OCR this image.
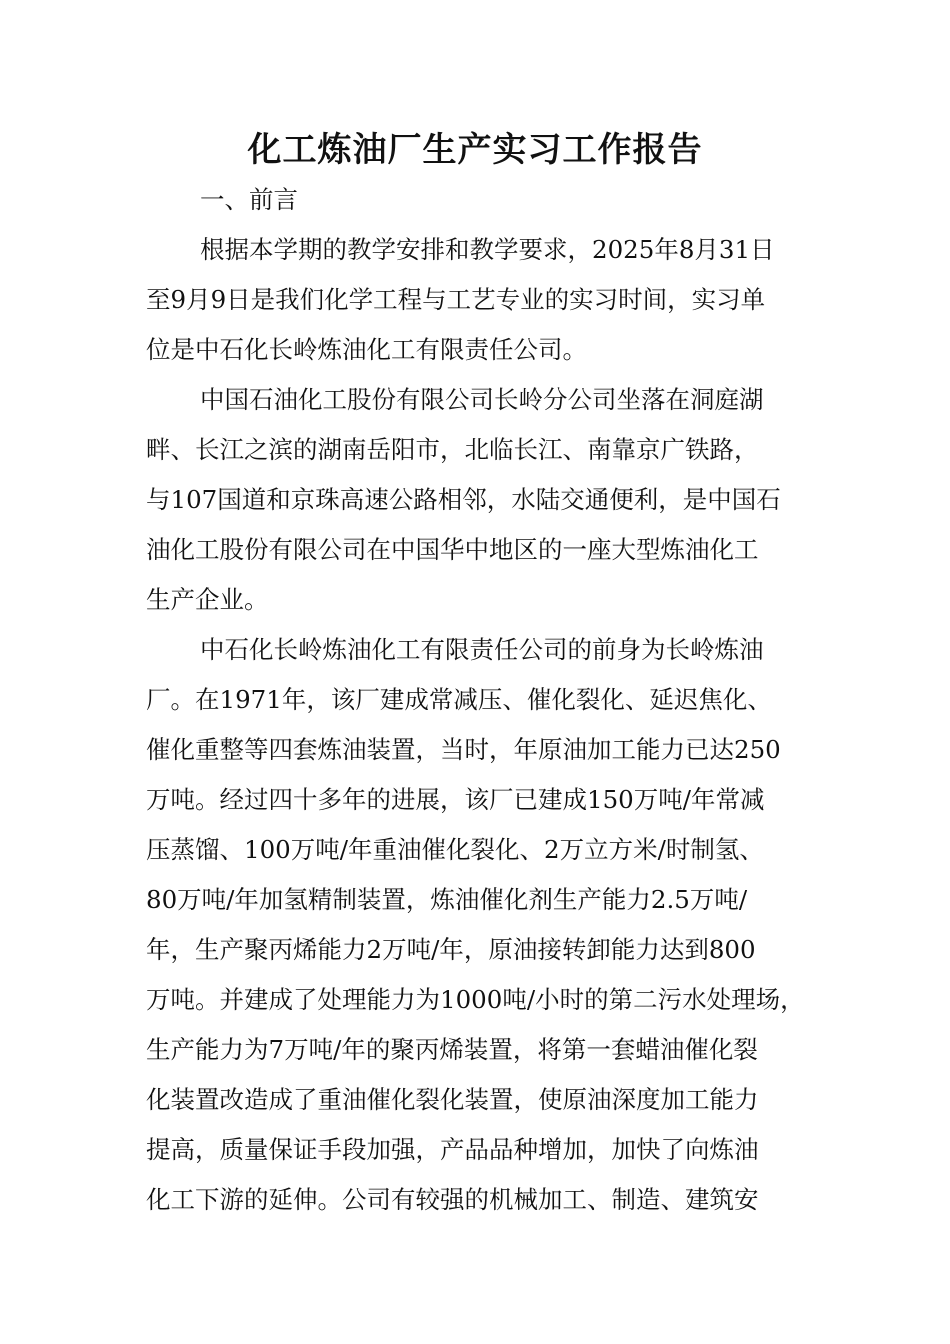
化工炼油厂生产实习工作报告
一、前言
根据本学期的教学安排和教学要求，2025年8月31日
至9月9日是我们化学工程与工艺专业的实习时间，实习单
位是中石化长岭炼油化工有限责任公司。
中国石油化工股份有限公司长岭分公司坐落在洞庭湖
畔、长江之滨的湖南岳阳市，北临长江、南靠京广铁路，
与107国道和京珠高速公路相邻，水陆交通便利，是中国石
油化工股份有限公司在中国华中地区的一座大型炼油化工
生产企业。
中石化长岭炼油化工有限责任公司的前身为长岭炼油
厂。在1971年，该厂建成常减压、催化裂化、延迟焦化、
催化重整等四套炼油装置，当时，年原油加工能力已达250
万吨。经过四十多年的进展，该厂已建成150万吨/年常减
压蒸馏、100万吨/年重油催化裂化、2万立方米/时制氢、
80万吨/年加氢精制装置，炼油催化剂生产能力2.5万吨/
年，生产聚丙烯能力2万吨/年，原油接转卸能力达到800
万吨。并建成了处理能力为1000吨/小时的第二污水处理场，
生产能力为7万吨/年的聚丙烯装置，将第一套蜡油催化裂
化装置改造成了重油催化裂化装置，使原油深度加工能力
提高，质量保证手段加强，产品品种增加，加快了向炼油
化工下游的延伸。公司有较强的机械加工、制造、建筑安
